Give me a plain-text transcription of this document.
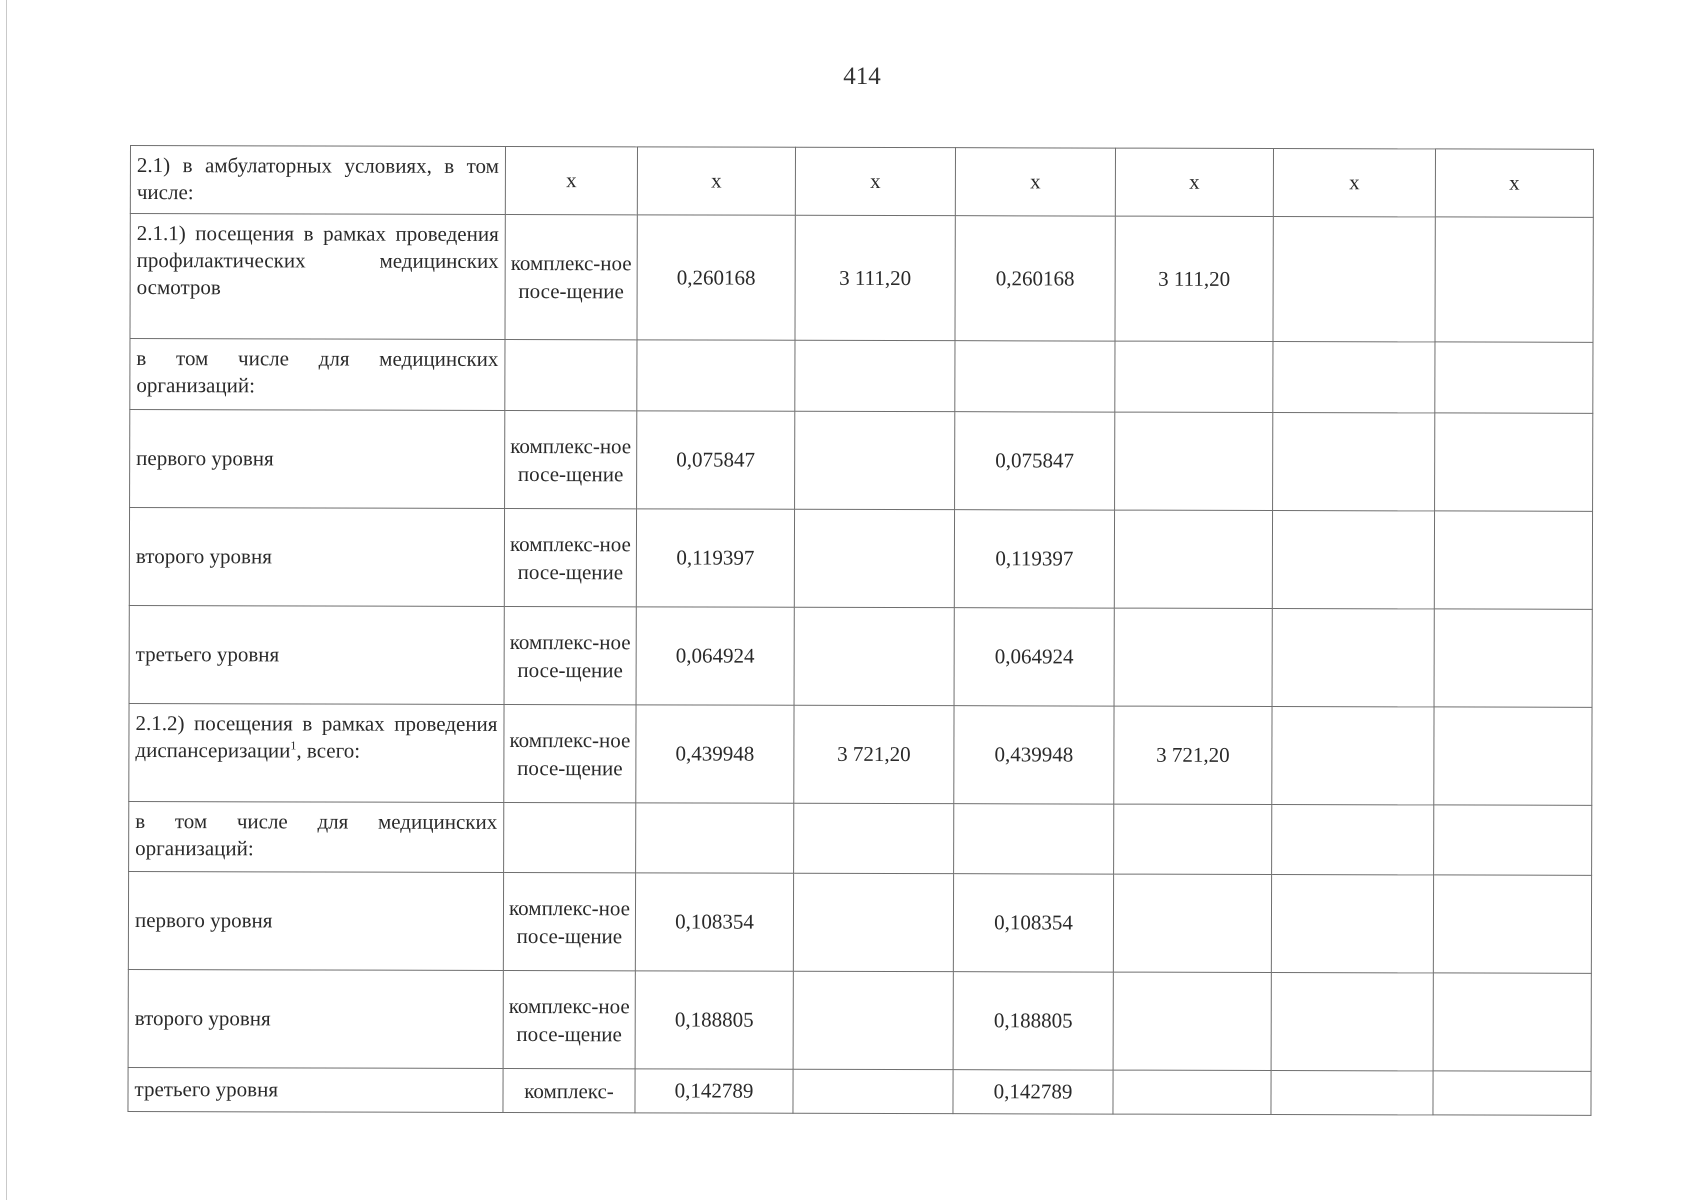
414
2.1) в амбулаторных условиях, в том числе:	х	х	х	х	х	х	х
2.1.1) посещения в рамках проведения профилактических медицинских осмотров	комплекс-ное посе-щение	0,260168	3 111,20	0,260168	3 111,20		
в том числе для медицинских организаций:							
первого уровня	комплекс-ное посе-щение	0,075847		0,075847			
второго уровня	комплекс-ное посе-щение	0,119397		0,119397			
третьего уровня	комплекс-ное посе-щение	0,064924		0,064924			
2.1.2) посещения в рамках проведения диспансеризации$^1$, всего:	комплекс-ное посе-щение	0,439948	3 721,20	0,439948	3 721,20		
в том числе для медицинских организаций:							
первого уровня	комплекс-ное посе-щение	0,108354		0,108354			
второго уровня	комплекс-ное посе-щение	0,188805		0,188805			
третьего уровня	комплекс-	0,142789		0,142789			
